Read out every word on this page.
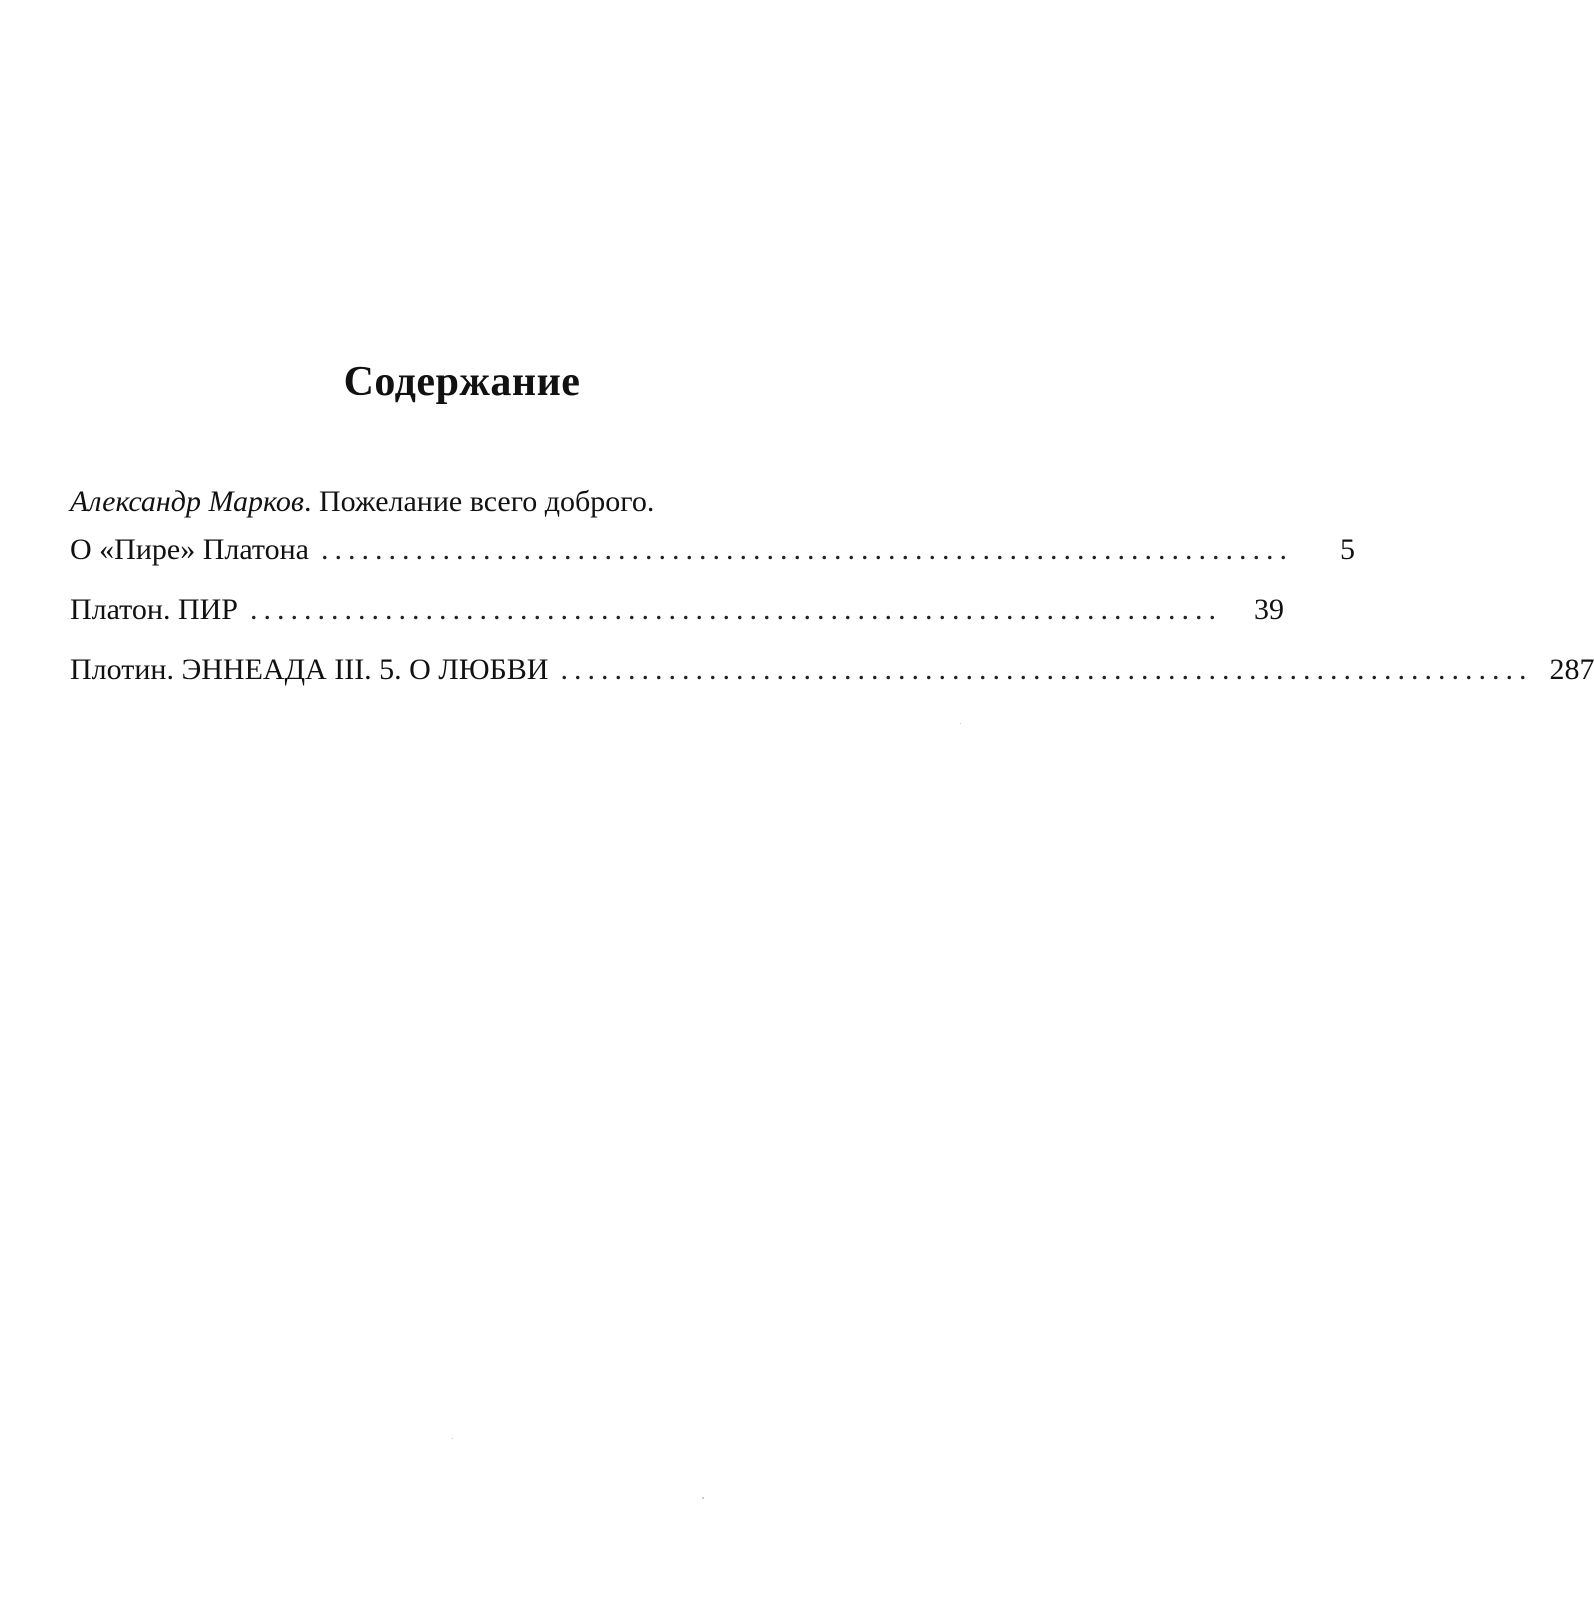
Содержание
Александр Марков. Пожелание всего доброго.
О «Пире» Платона ........................................................................	5
Платон. ПИР ........................................................................	39
Плотин. ЭННЕАДА III. 5. О ЛЮБВИ ........................................................................ 287
